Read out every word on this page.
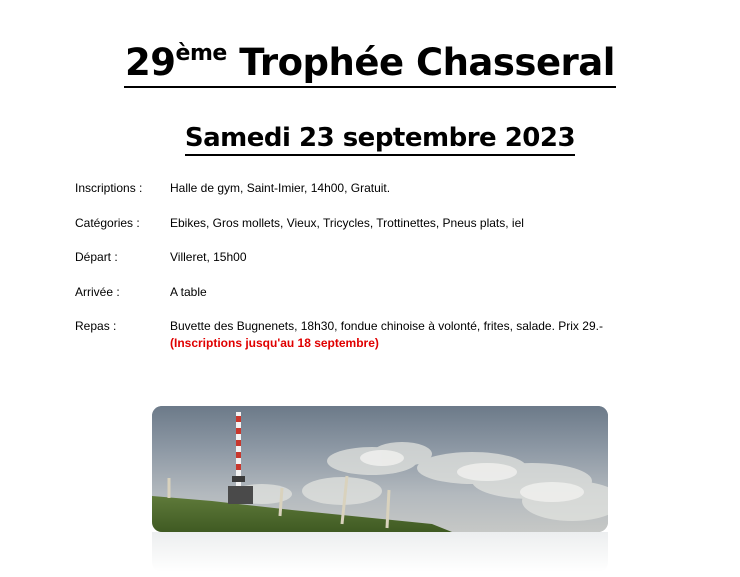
29ème Trophée Chasseral
Samedi 23 septembre 2023
Inscriptions :	Halle de gym, Saint-Imier, 14h00, Gratuit.
Catégories :	Ebikes, Gros mollets, Vieux, Tricycles, Trottinettes, Pneus plats, iel
Départ :	Villeret, 15h00
Arrivée :	A table
Repas :	Buvette des Bugnenets, 18h30, fondue chinoise à volonté, frites, salade. Prix 29.-
(Inscriptions jusqu'au 18 septembre)
